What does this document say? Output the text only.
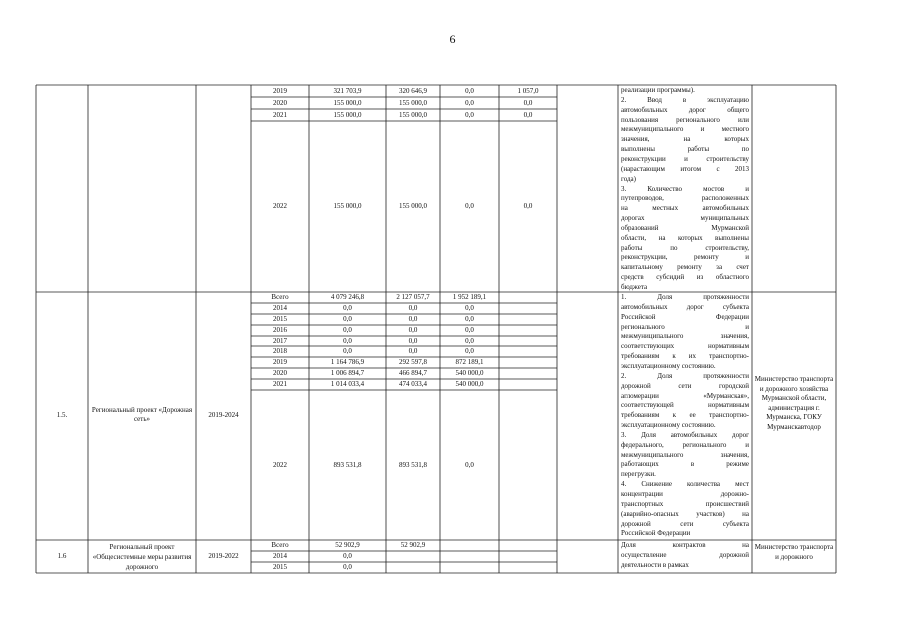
6
2019
2020
2021
2022
321 703,9
155 000,0
155 000,0
155 000,0
320 646,9
155 000,0
155 000,0
155 000,0
0,0
0,0
0,0
0,0
1 057,0
0,0
0,0
0,0
Всего
2014
2015
2016
2017
2018
2019
2020
2021
2022
4 079 246,8
0,0
0,0
0,0
0,0
0,0
1 164 786,9
1 006 894,7
1 014 033,4
893 531,8
2 127 057,7
0,0
0,0
0,0
0,0
0,0
292 597,8
466 894,7
474 033,4
893 531,8
1 952 189,1
0,0
0,0
0,0
0,0
0,0
872 189,1
540 000,0
540 000,0
0,0
Всего
2014
2015
52 902,9
0,0
0,0
52 902,9
реализации программы).
2. Ввод в эксплуатацию
автомобильных дорог общего
пользования регионального или
межмуниципального и местного
значения, на которых
выполнены работы по
реконструкции и строительству
(нарастающим итогом с 2013
года)
3. Количество мостов и
путепроводов, расположенных
на местных автомобильных
дорогах муниципальных
образований Мурманской
области, на которых выполнены
работы по строительству,
реконструкции, ремонту и
капитальному ремонту за счет
средств субсидий из областного
бюджета
1. Доля протяженности
автомобильных дорог субъекта
Российской Федерации
регионального и
межмуниципального значения,
соответствующих нормативным
требованиям к их транспортно-
эксплуатационному состоянию.
2. Доля протяженности
дорожной сети городской
агломерации «Мурманская»,
соответствующей нормативным
требованиям к ее транспортно-
эксплуатационному состоянию.
3. Доля автомобильных дорог
федерального, регионального и
межмуниципального значения,
работающих в режиме
перегрузки.
4. Снижение количества мест
концентрации дорожно-
транспортных происшествий
(аварийно-опасных участков) на
дорожной сети субъекта
Российской Федерации
Доля контрактов на
осуществление дорожной
деятельности в рамках
1.5.
Региональный проект «Дорожная сеть»	2019-2024
Министерство транспорта и дорожного хозяйства Мурманской области, администрация г. Мурманска, ГОКУ Мурманскавтодор
1.6
Региональный проект «Общесистемные меры развития дорожного
2019-2022
Министерство транспорта и дорожного
